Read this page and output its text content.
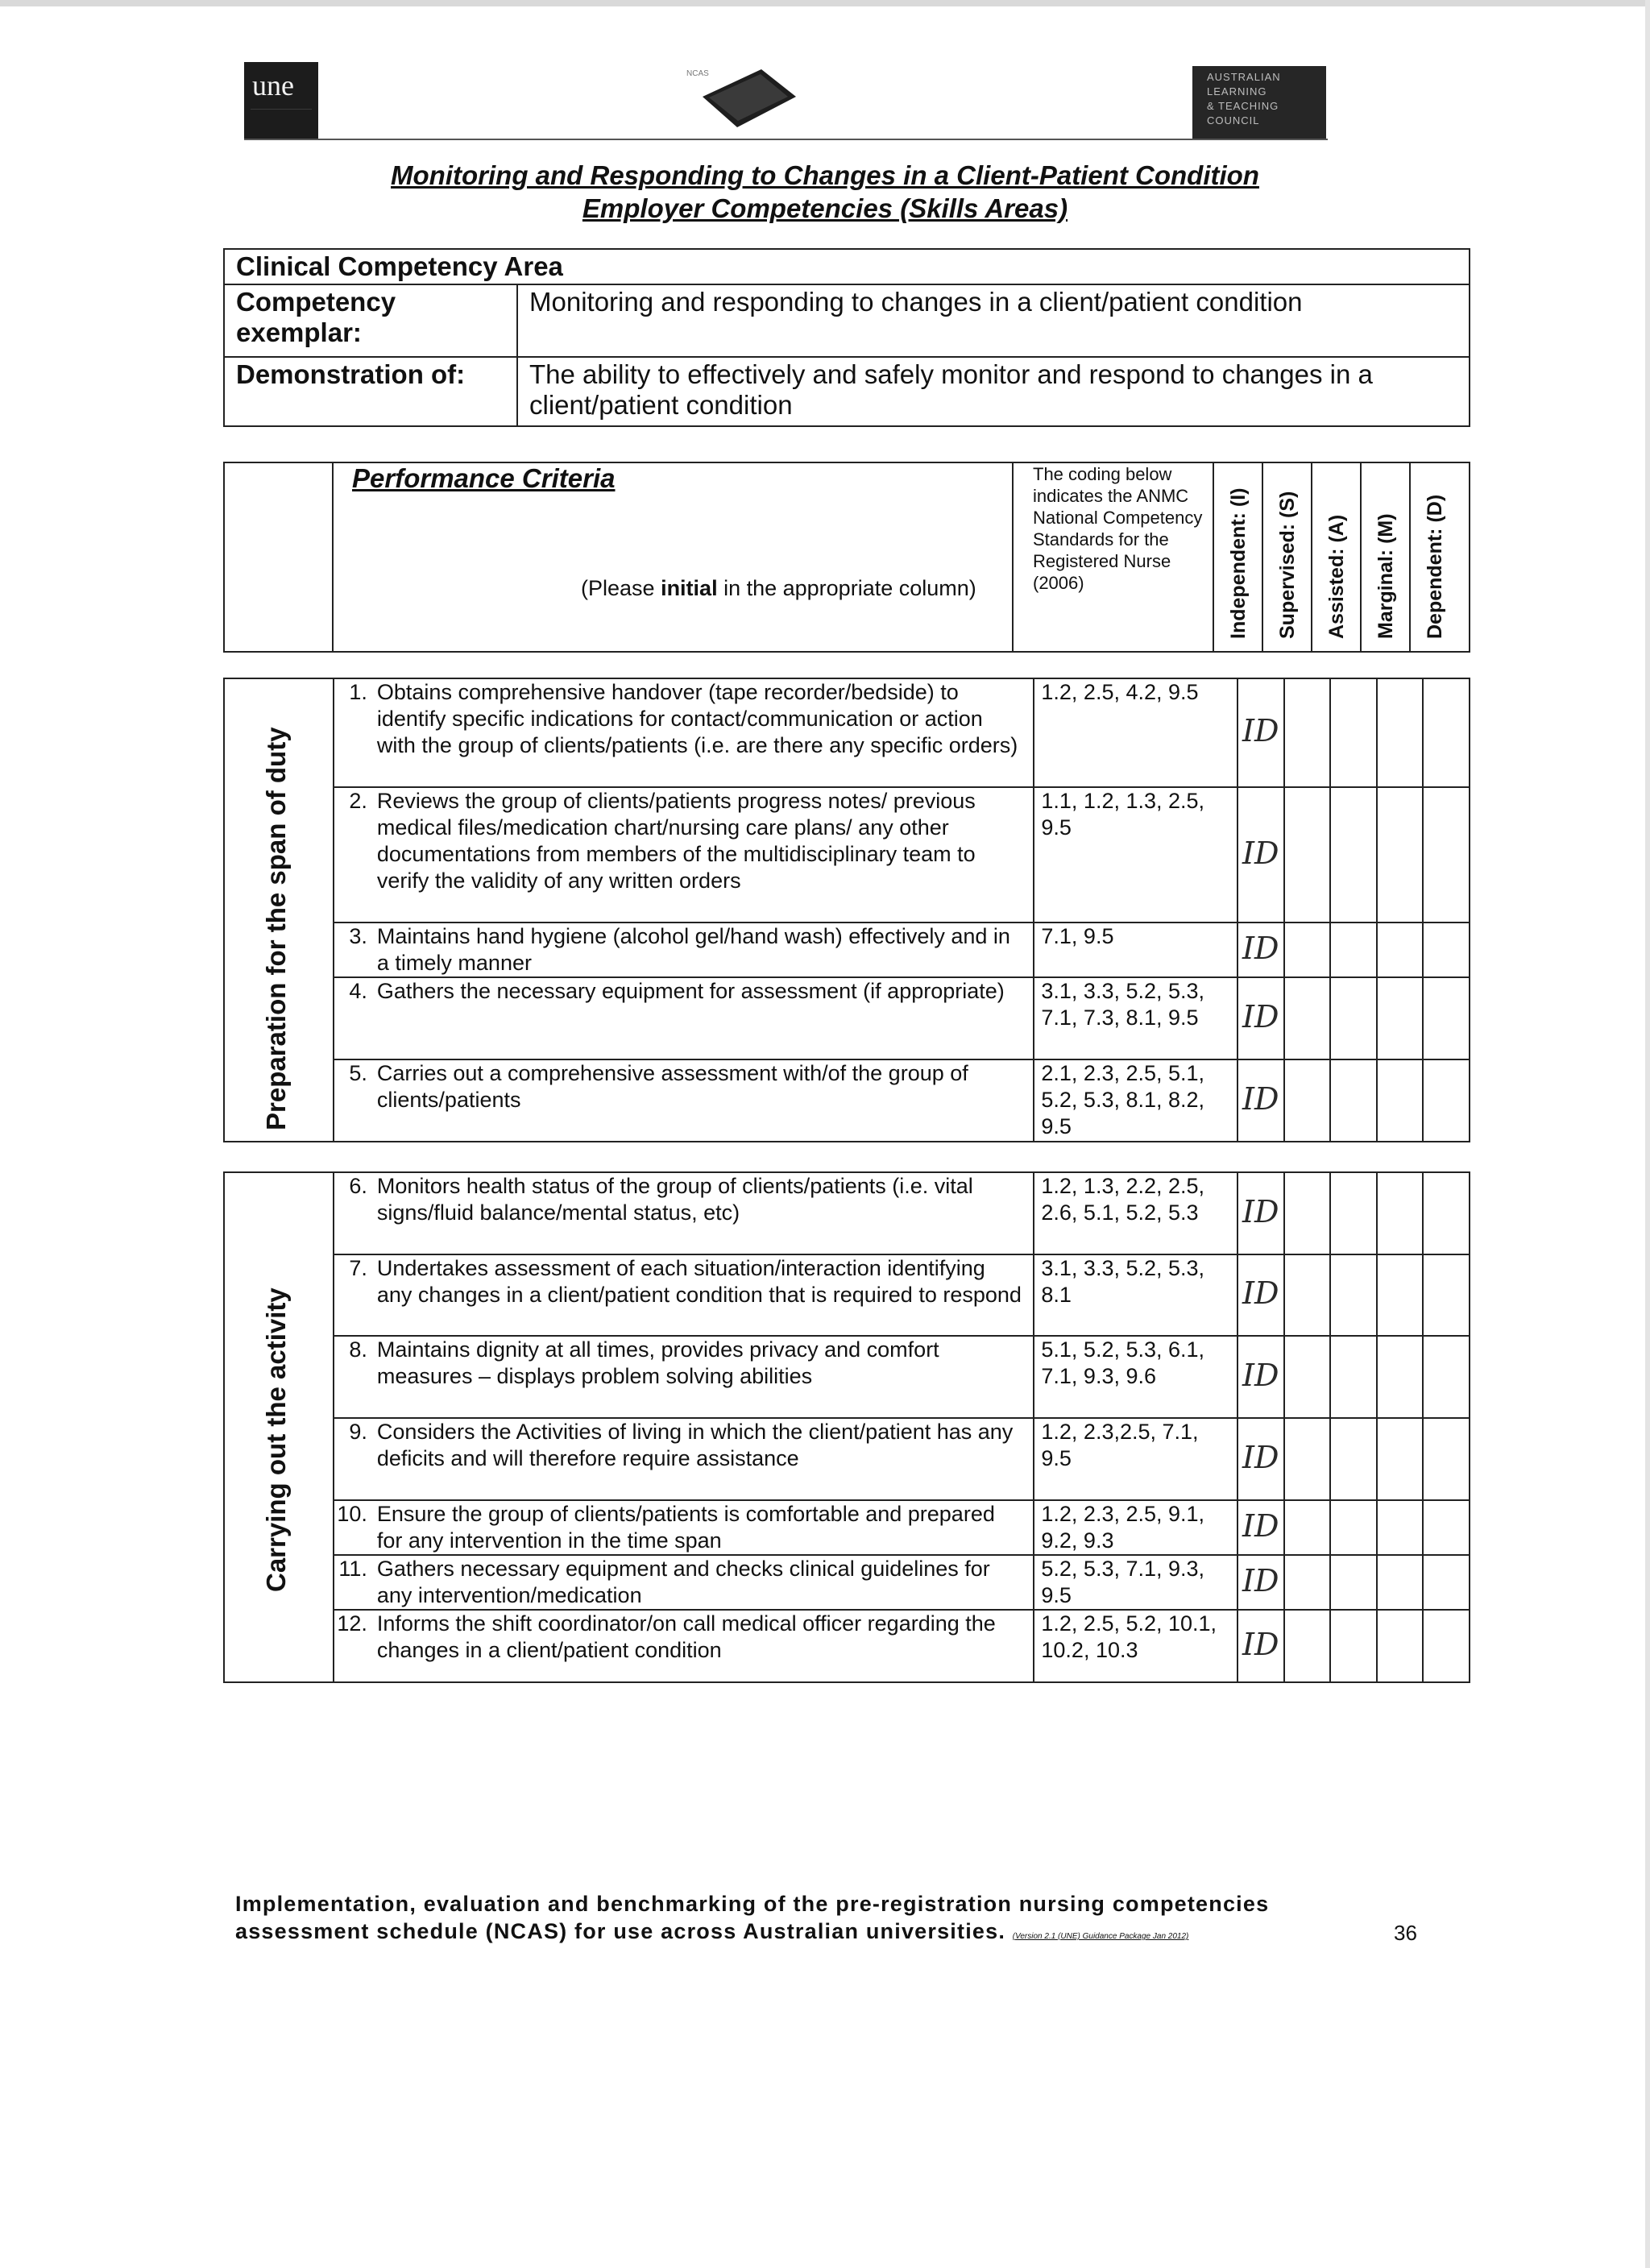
une	NCAS	AUSTRALIAN
LEARNING
& TEACHING
COUNCIL
Monitoring and Responding to Changes in a Client-Patient Condition
Employer Competencies (Skills Areas)
Clinical Competency Area	
Competency exemplar:	Monitoring and responding to changes in a client/patient condition
Demonstration of:	The ability to effectively and safely monitor and respond to changes in a client/patient condition
Performance Criteria
(Please initial in the appropriate column)
The coding below indicates the ANMC National Competency Standards for the Registered Nurse (2006)	Independent: (I) Supervised: (S) Assisted: (A) Marginal: (M) Dependent: (D)
Preparation for the span of duty	1.	Obtains comprehensive handover (tape recorder/bedside) to identify specific indications for contact/communication or action with the group of clients/patients (i.e. are there any specific orders)	1.2, 2.5, 4.2, 9.5	ID				
	2.	Reviews the group of clients/patients progress notes/ previous medical files/medication chart/nursing care plans/ any other documentations from members of the multidisciplinary team to verify the validity of any written orders	1.1, 1.2, 1.3, 2.5, 9.5	ID				
	3.	Maintains hand hygiene (alcohol gel/hand wash) effectively and in a timely manner	7.1, 9.5	ID				
	4.	Gathers the necessary equipment for assessment (if appropriate)	3.1, 3.3, 5.2, 5.3, 7.1, 7.3, 8.1, 9.5	ID				
	5.	Carries out a comprehensive assessment with/of the group of clients/patients	2.1, 2.3, 2.5, 5.1, 5.2, 5.3, 8.1, 8.2, 9.5	ID				
Carrying out the activity	6.	Monitors health status of the group of clients/patients (i.e. vital signs/fluid balance/mental status, etc)	1.2, 1.3, 2.2, 2.5, 2.6, 5.1, 5.2, 5.3	ID				
	7.	Undertakes assessment of each situation/interaction identifying any changes in a client/patient condition that is required to respond	3.1, 3.3, 5.2, 5.3, 8.1	ID				
	8.	Maintains dignity at all times, provides privacy and comfort measures – displays problem solving abilities	5.1, 5.2, 5.3, 6.1, 7.1, 9.3, 9.6	ID				
	9.	Considers the Activities of living in which the client/patient has any deficits and will therefore require assistance	1.2, 2.3,2.5, 7.1, 9.5	ID				
	10.	Ensure the group of clients/patients is comfortable and prepared for any intervention in the time span	1.2, 2.3, 2.5, 9.1, 9.2, 9.3	ID				
	11.	Gathers necessary equipment and checks clinical guidelines for any intervention/medication	5.2, 5.3, 7.1, 9.3, 9.5	ID				
	12.	Informs the shift coordinator/on call medical officer regarding the changes in a client/patient condition	1.2, 2.5, 5.2, 10.1, 10.2, 10.3	ID				
Implementation, evaluation and benchmarking of the pre-registration nursing competencies
assessment schedule (NCAS) for use across Australian universities. (Version 2.1 (UNE) Guidance Package Jan 2012)	36
